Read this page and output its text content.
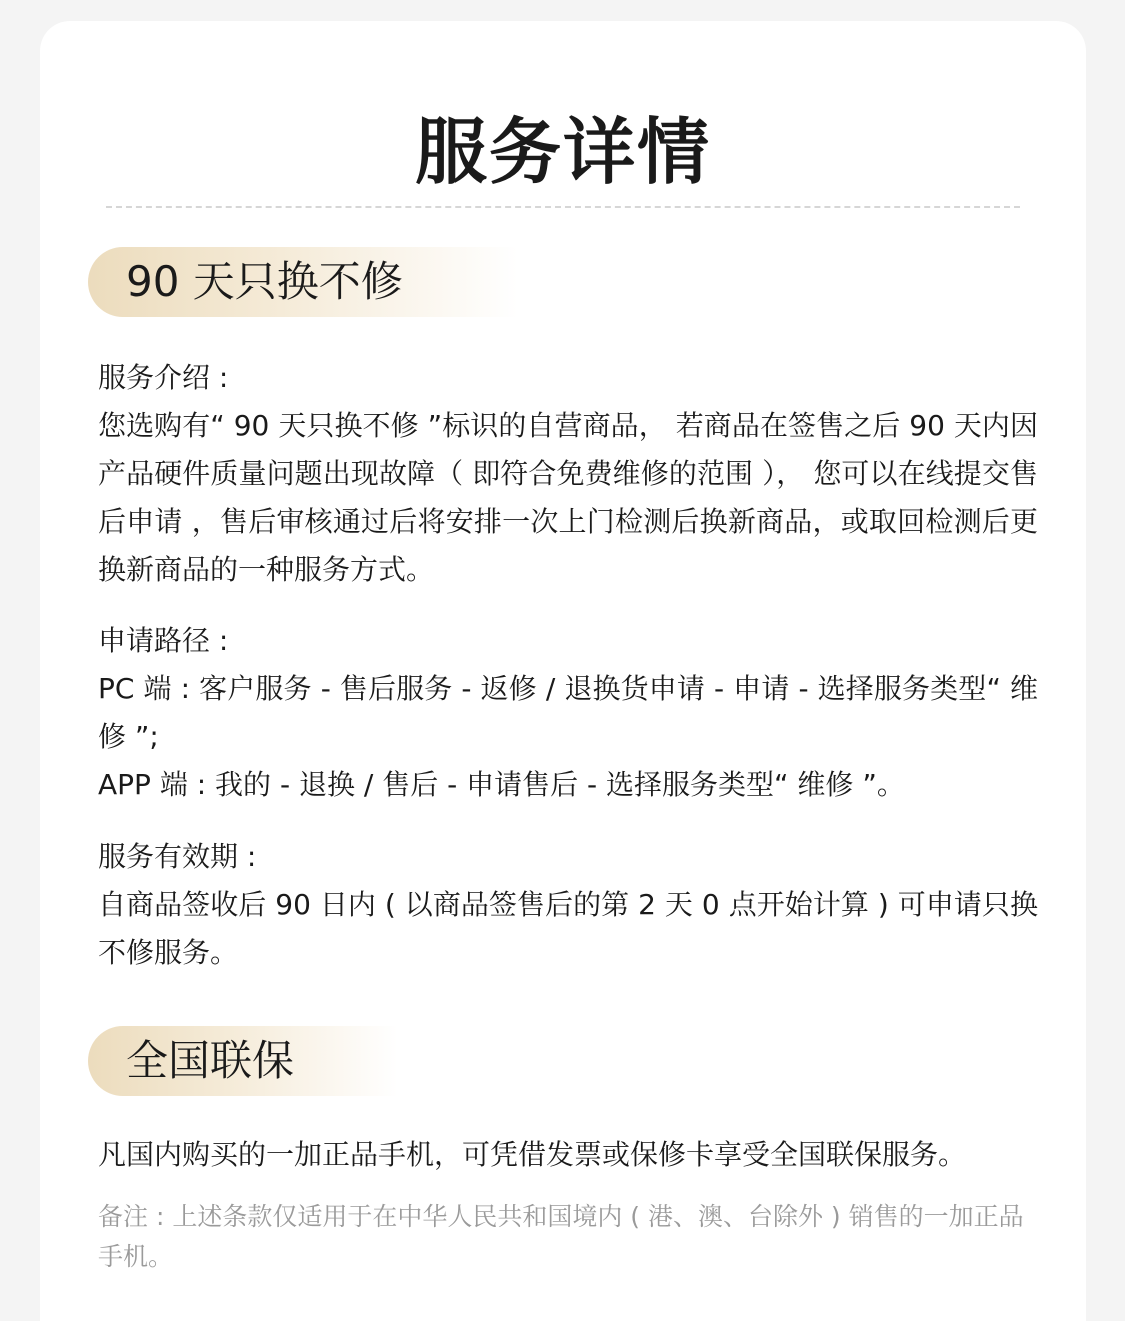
服务详情
90 天只换不修

服务介绍 :

您选购有“ 90 天只换不修 ”标识的自营商品， 若商品在签售之后 90 天内因产品硬件质量问题出现故障（ 即符合免费维修的范围 ）， 您可以在线提交售后申请 ，售后审核通过后将安排一次上门检测后换新商品，或取回检测后更换新商品的一种服务方式。

申请路径 :

PC 端 : 客户服务 - 售后服务 - 返修 / 退换货申请 - 申请 - 选择服务类型“ 维修 ”;

APP 端 : 我的 - 退换 / 售后 - 申请售后 - 选择服务类型“ 维修 ”。

服务有效期 :

自商品签收后 90 日内 ( 以商品签售后的第 2 天 0 点开始计算 ) 可申请只换不修服务。

全国联保

凡国内购买的一加正品手机，可凭借发票或保修卡享受全国联保服务。

备注 : 上述条款仅适用于在中华人民共和国境内 ( 港、澳、台除外 ) 销售的一加正品手机。
